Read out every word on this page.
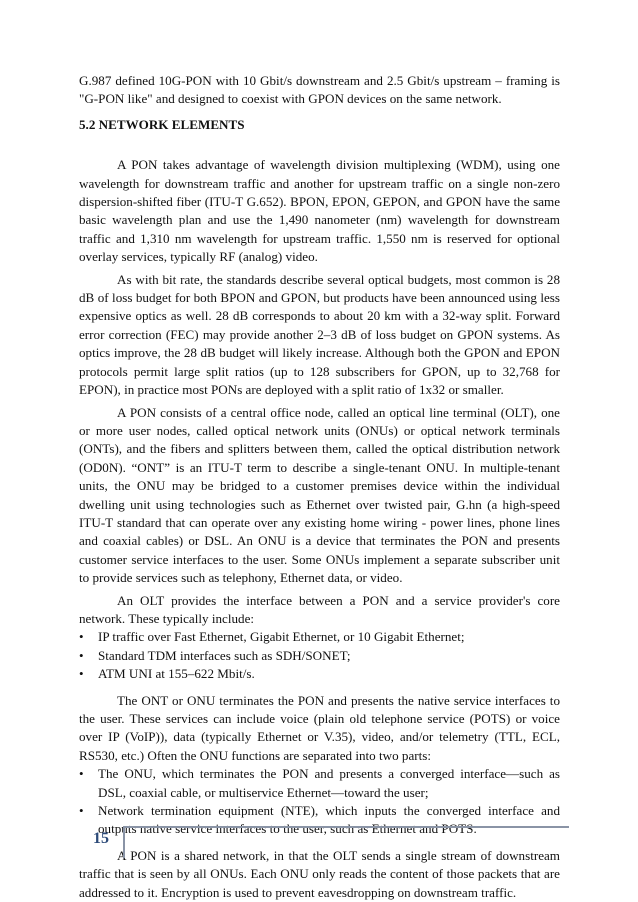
G.987 defined 10G-PON with 10 Gbit/s downstream and 2.5 Gbit/s upstream – framing is "G-PON like" and designed to coexist with GPON devices on the same network.

5.2 NETWORK ELEMENTS

A PON takes advantage of wavelength division multiplexing (WDM), using one wavelength for downstream traffic and another for upstream traffic on a single non-zero dispersion-shifted fiber (ITU-T G.652). BPON, EPON, GEPON, and GPON have the same basic wavelength plan and use the 1,490 nanometer (nm) wavelength for downstream traffic and 1,310 nm wavelength for upstream traffic. 1,550 nm is reserved for optional overlay services, typically RF (analog) video.

As with bit rate, the standards describe several optical budgets, most common is 28 dB of loss budget for both BPON and GPON, but products have been announced using less expensive optics as well. 28 dB corresponds to about 20 km with a 32-way split. Forward error correction (FEC) may provide another 2–3 dB of loss budget on GPON systems. As optics improve, the 28 dB budget will likely increase. Although both the GPON and EPON protocols permit large split ratios (up to 128 subscribers for GPON, up to 32,768 for EPON), in practice most PONs are deployed with a split ratio of 1x32 or smaller.

A PON consists of a central office node, called an optical line terminal (OLT), one or more user nodes, called optical network units (ONUs) or optical network terminals (ONTs), and the fibers and splitters between them, called the optical distribution network (OD0N). “ONT” is an ITU-T term to describe a single-tenant ONU. In multiple-tenant units, the ONU may be bridged to a customer premises device within the individual dwelling unit using technologies such as Ethernet over twisted pair, G.hn (a high-speed ITU-T standard that can operate over any existing home wiring - power lines, phone lines and coaxial cables) or DSL. An ONU is a device that terminates the PON and presents customer service interfaces to the user. Some ONUs implement a separate subscriber unit to provide services such as telephony, Ethernet data, or video.

An OLT provides the interface between a PON and a service provider's core network. These typically include:

• IP traffic over Fast Ethernet, Gigabit Ethernet, or 10 Gigabit Ethernet;
• Standard TDM interfaces such as SDH/SONET;
• ATM UNI at 155–622 Mbit/s.

The ONT or ONU terminates the PON and presents the native service interfaces to the user. These services can include voice (plain old telephone service (POTS) or voice over IP (VoIP)), data (typically Ethernet or V.35), video, and/or telemetry (TTL, ECL, RS530, etc.) Often the ONU functions are separated into two parts:

• The ONU, which terminates the PON and presents a converged interface—such as DSL, coaxial cable, or multiservice Ethernet—toward the user;
• Network termination equipment (NTE), which inputs the converged interface and outputs native service interfaces to the user, such as Ethernet and POTS.

A PON is a shared network, in that the OLT sends a single stream of downstream traffic that is seen by all ONUs. Each ONU only reads the content of those packets that are addressed to it. Encryption is used to prevent eavesdropping on downstream traffic.

15
